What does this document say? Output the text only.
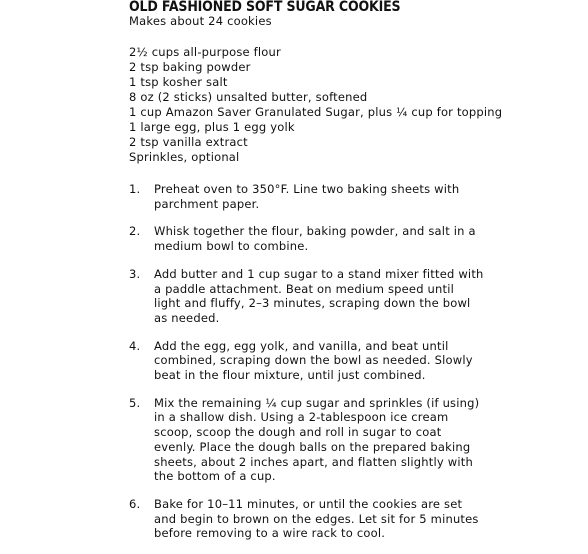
OLD FASHIONED SOFT SUGAR COOKIES

Makes about 24 cookies

2½ cups all-purpose flour
2 tsp baking powder
1 tsp kosher salt
8 oz (2 sticks) unsalted butter, softened
1 cup Amazon Saver Granulated Sugar, plus ¼ cup for topping
1 large egg, plus 1 egg yolk
2 tsp vanilla extract
Sprinkles, optional
1.	Preheat oven to 350°F. Line two baking sheets with parchment paper.
2.	Whisk together the flour, baking powder, and salt in a medium bowl to combine.
3.	Add butter and 1 cup sugar to a stand mixer fitted with a paddle attachment. Beat on medium speed until light and fluffy, 2–3 minutes, scraping down the bowl as needed.
4.	Add the egg, egg yolk, and vanilla, and beat until combined, scraping down the bowl as needed. Slowly beat in the flour mixture, until just combined.
5.	Mix the remaining ¼ cup sugar and sprinkles (if using) in a shallow dish. Using a 2-tablespoon ice cream scoop, scoop the dough and roll in sugar to coat evenly. Place the dough balls on the prepared baking sheets, about 2 inches apart, and flatten slightly with the bottom of a cup.
6.	Bake for 10–11 minutes, or until the cookies are set and begin to brown on the edges. Let sit for 5 minutes before removing to a wire rack to cool.
